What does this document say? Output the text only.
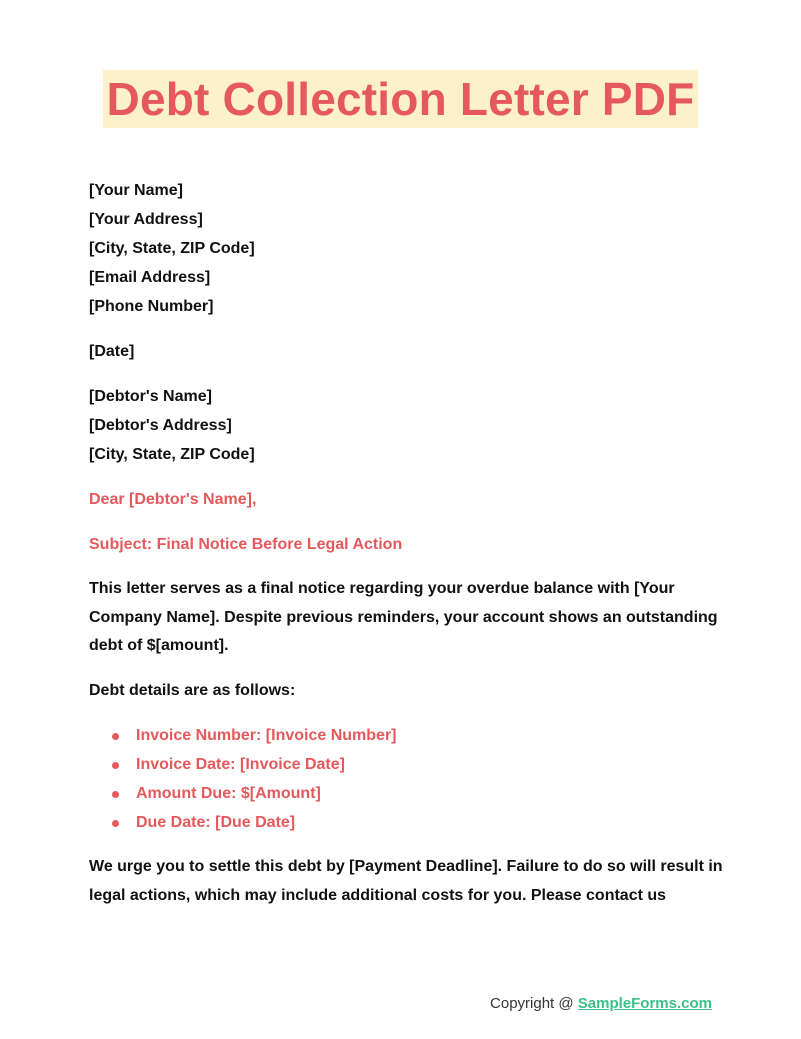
Debt Collection Letter PDF
[Your Name]
[Your Address]
[City, State, ZIP Code]
[Email Address]
[Phone Number]
[Date]
[Debtor's Name]
[Debtor's Address]
[City, State, ZIP Code]
Dear [Debtor's Name],
Subject: Final Notice Before Legal Action

This letter serves as a final notice regarding your overdue balance with [Your Company Name]. Despite previous reminders, your account shows an outstanding debt of $[amount].

Debt details are as follows:

Invoice Number: [Invoice Number]
Invoice Date: [Invoice Date]
Amount Due: $[Amount]
Due Date: [Due Date]

We urge you to settle this debt by [Payment Deadline]. Failure to do so will result in legal actions, which may include additional costs for you. Please contact us

Copyright @ SampleForms.com
